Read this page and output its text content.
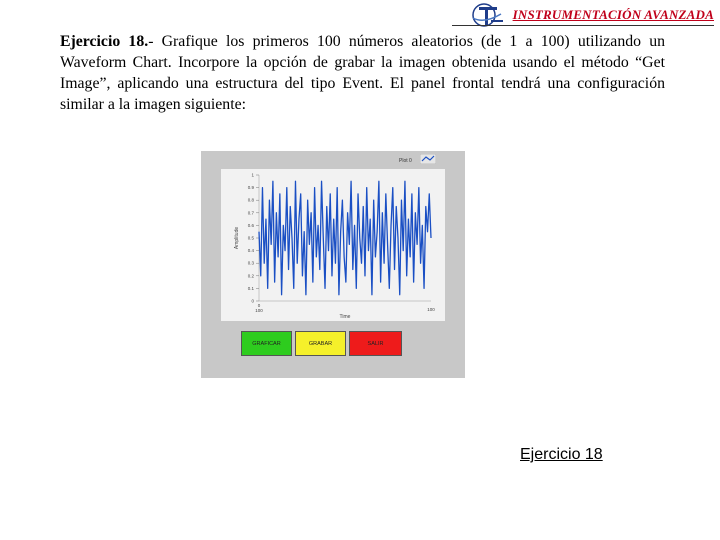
INSTRUMENTACIÓN AVANZADA
Ejercicio 18.- Grafique los primeros 100 números aleatorios (de 1 a 100) utilizando un Waveform Chart. Incorpore la opción de grabar la imagen obtenida usando el método “Get Image”, aplicando una estructura del tipo Event. El panel frontal tendrá una configuración similar a la imagen siguiente:
Plot 0
0
0.1
0.2
0.3
0.4
0.5
0.6
0.7
0.8
0.9
1
0
100	100
Time
Amplitude
GRAFICAR	GRABAR	SALIR
Ejercicio 18
